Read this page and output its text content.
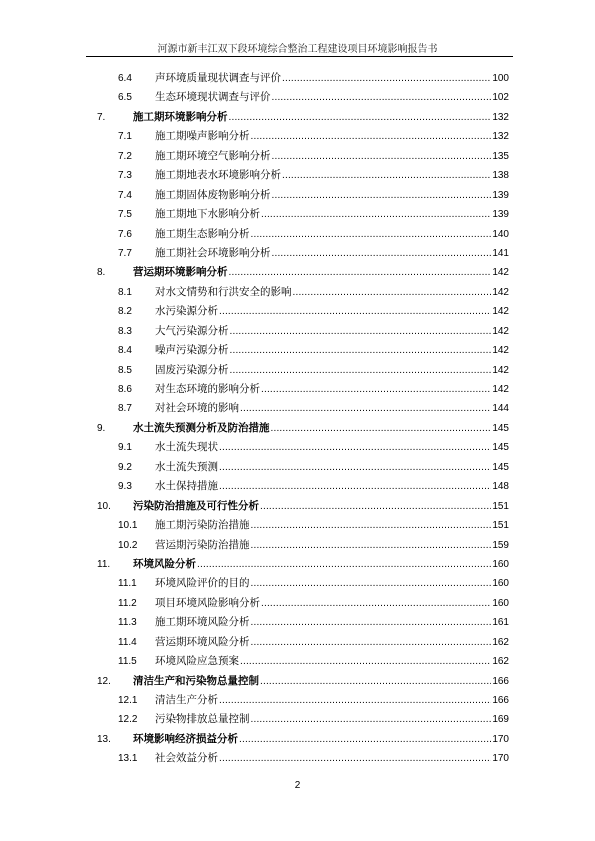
河源市新丰江双下段环境综合整治工程建设项目环境影响报告书
6.4 声环境质量现状调查与评价 .....	100
6.5 生态环境现状调查与评价 .....	102
7.	施工期环境影响分析 .....	132
7.1 施工期噪声影响分析 .....	132
7.2 施工期环境空气影响分析 .....	135
7.3 施工期地表水环境影响分析 .....	138
7.4 施工期固体废物影响分析 .....	139
7.5 施工期地下水影响分析 .....	139
7.6 施工期生态影响分析 .....	140
7.7 施工期社会环境影响分析 .....	141
8.	营运期环境影响分析 .....	142
8.1 对水文情势和行洪安全的影响 .....	142
8.2 水污染源分析 .....	142
8.3 大气污染源分析 .....	142
8.4 噪声污染源分析 .....	142
8.5 固废污染源分析 .....	142
8.6 对生态环境的影响分析 .....	142
8.7 对社会环境的影响 .....	144
9.	水土流失预测分析及防治措施 .....	145
9.1 水土流失现状 .....	145
9.2 水土流失预测 .....	145
9.3 水土保持措施 .....	148
10. 污染防治措施及可行性分析 .....	151
10.1 施工期污染防治措施 .....	151
10.2 营运期污染防治措施 .....	159
11. 环境风险分析 .....	160
11.1 环境风险评价的目的 .....	160
11.2 项目环境风险影响分析 .....	160
11.3 施工期环境风险分析 .....	161
11.4 营运期环境风险分析 .....	162
11.5 环境风险应急预案 .....	162
12. 清洁生产和污染物总量控制 .....	166
12.1 清洁生产分析 .....	166
12.2 污染物排放总量控制 .....	169
13. 环境影响经济损益分析 .....	170
13.1 社会效益分析 .....	170
2
